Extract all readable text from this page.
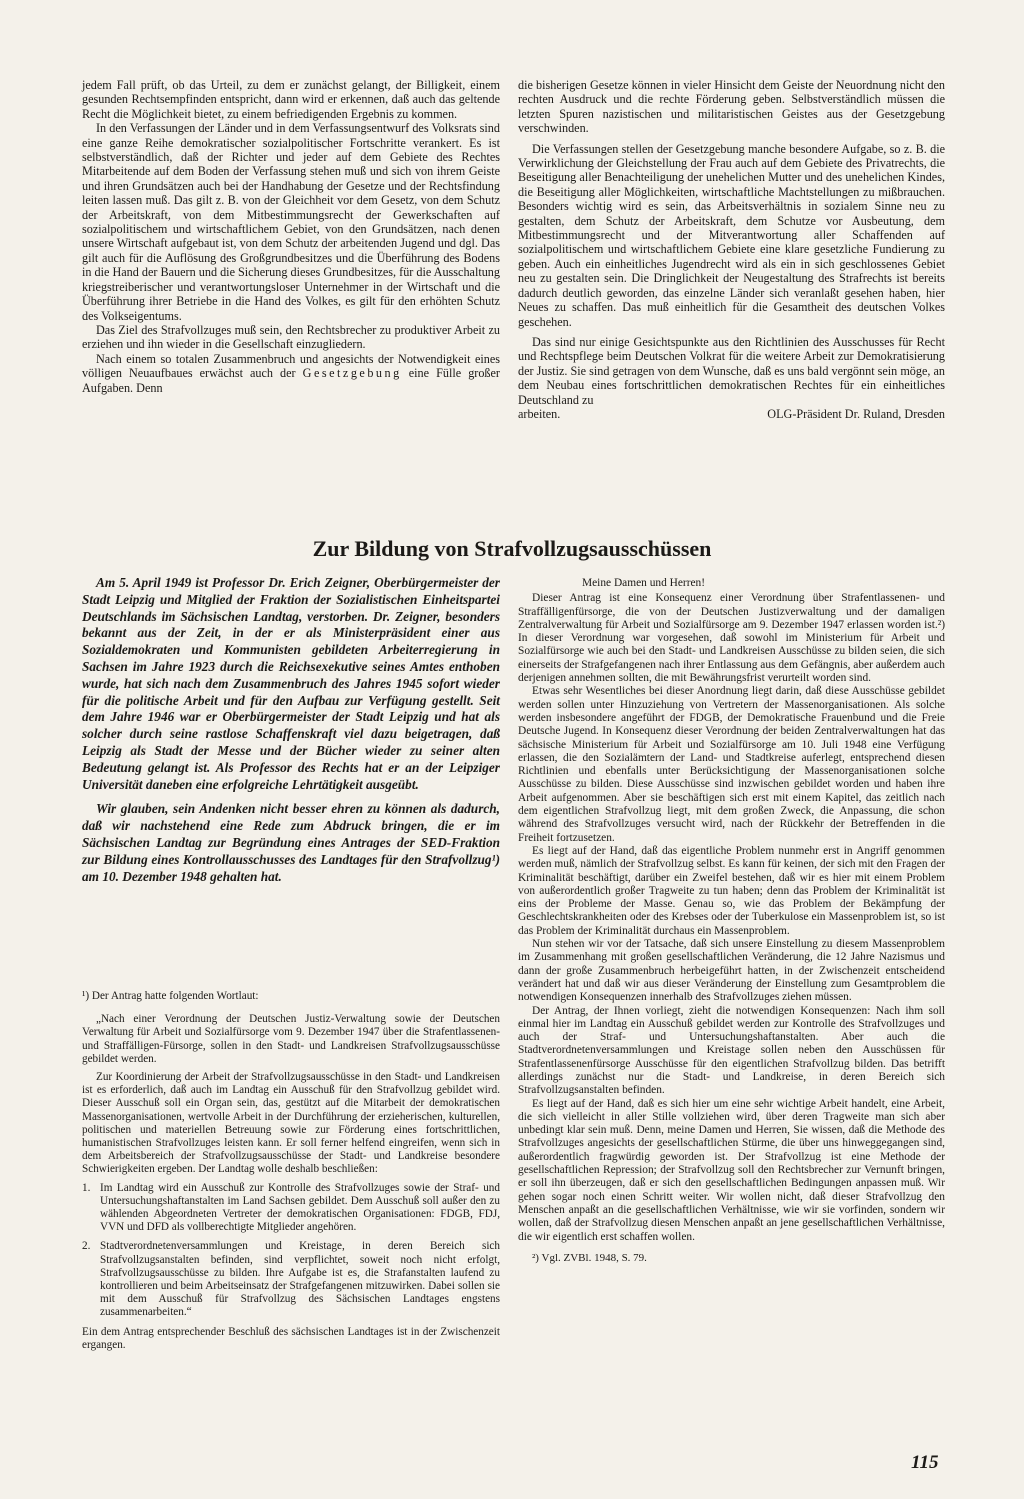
jedem Fall prüft, ob das Urteil, zu dem er zunächst gelangt, der Billigkeit, einem gesunden Rechtsempfinden entspricht, dann wird er erkennen, daß auch das geltende Recht die Möglichkeit bietet, zu einem befriedigenden Ergebnis zu kommen.

In den Verfassungen der Länder und in dem Verfassungsentwurf des Volksrats sind eine ganze Reihe demokratischer sozialpolitischer Fortschritte verankert. Es ist selbstverständlich, daß der Richter und jeder auf dem Gebiete des Rechtes Mitarbeitende auf dem Boden der Verfassung stehen muß und sich von ihrem Geiste und ihren Grundsätzen auch bei der Handhabung der Gesetze und der Rechtsfindung leiten lassen muß. Das gilt z. B. von der Gleichheit vor dem Gesetz, von dem Schutz der Arbeitskraft, von dem Mitbestimmungsrecht der Gewerkschaften auf sozialpolitischem und wirtschaftlichem Gebiet, von den Grundsätzen, nach denen unsere Wirtschaft aufgebaut ist, von dem Schutz der arbeitenden Jugend und dgl. Das gilt auch für die Auflösung des Großgrundbesitzes und die Überführung des Bodens in die Hand der Bauern und die Sicherung dieses Grundbesitzes, für die Ausschaltung kriegstreiberischer und verantwortungsloser Unternehmer in der Wirtschaft und die Überführung ihrer Betriebe in die Hand des Volkes, es gilt für den erhöhten Schutz des Volkseigentums.

Das Ziel des Strafvollzuges muß sein, den Rechtsbrecher zu produktiver Arbeit zu erziehen und ihn wieder in die Gesellschaft einzugliedern.

Nach einem so totalen Zusammenbruch und angesichts der Notwendigkeit eines völligen Neuaufbaues erwächst auch der Gesetzgebung eine Fülle großer Aufgaben. Denn

die bisherigen Gesetze können in vieler Hinsicht dem Geiste der Neuordnung nicht den rechten Ausdruck und die rechte Förderung geben. Selbstverständlich müssen die letzten Spuren nazistischen und militaristischen Geistes aus der Gesetzgebung verschwinden.

Die Verfassungen stellen der Gesetzgebung manche besondere Aufgabe, so z. B. die Verwirklichung der Gleichstellung der Frau auch auf dem Gebiete des Privatrechts, die Beseitigung aller Benachteiligung der unehelichen Mutter und des unehelichen Kindes, die Beseitigung aller Möglichkeiten, wirtschaftliche Machtstellungen zu mißbrauchen. Besonders wichtig wird es sein, das Arbeitsverhältnis in sozialem Sinne neu zu gestalten, dem Schutz der Arbeitskraft, dem Schutze vor Ausbeutung, dem Mitbestimmungsrecht und der Mitverantwortung aller Schaffenden auf sozialpolitischem und wirtschaftlichem Gebiete eine klare gesetzliche Fundierung zu geben. Auch ein einheitliches Jugendrecht wird als ein in sich geschlossenes Gebiet neu zu gestalten sein. Die Dringlichkeit der Neugestaltung des Strafrechts ist bereits dadurch deutlich geworden, das einzelne Länder sich veranlaßt gesehen haben, hier Neues zu schaffen. Das muß einheitlich für die Gesamtheit des deutschen Volkes geschehen.

Das sind nur einige Gesichtspunkte aus den Richtlinien des Ausschusses für Recht und Rechtspflege beim Deutschen Volkrat für die weitere Arbeit zur Demokratisierung der Justiz. Sie sind getragen von dem Wunsche, daß es uns bald vergönnt sein möge, an dem Neubau eines fortschrittlichen demokratischen Rechtes für ein einheitliches Deutschland zu

arbeiten.	OLG-Präsident Dr. Ruland, Dresden
Zur Bildung von Strafvollzugsausschüssen

Am 5. April 1949 ist Professor Dr. Erich Zeigner, Oberbürgermeister der Stadt Leipzig und Mitglied der Fraktion der Sozialistischen Einheitspartei Deutschlands im Sächsischen Landtag, verstorben. Dr. Zeigner, besonders bekannt aus der Zeit, in der er als Ministerpräsident einer aus Sozialdemokraten und Kommunisten gebildeten Arbeiterregierung in Sachsen im Jahre 1923 durch die Reichsexekutive seines Amtes enthoben wurde, hat sich nach dem Zusammenbruch des Jahres 1945 sofort wieder für die politische Arbeit und für den Aufbau zur Verfügung gestellt. Seit dem Jahre 1946 war er Oberbürgermeister der Stadt Leipzig und hat als solcher durch seine rastlose Schaffenskraft viel dazu beigetragen, daß Leipzig als Stadt der Messe und der Bücher wieder zu seiner alten Bedeutung gelangt ist. Als Professor des Rechts hat er an der Leipziger Universität daneben eine erfolgreiche Lehrtätigkeit ausgeübt.

Wir glauben, sein Andenken nicht besser ehren zu können als dadurch, daß wir nachstehend eine Rede zum Abdruck bringen, die er im Sächsischen Landtag zur Begründung eines Antrages der SED-Fraktion zur Bildung eines Kontrollausschusses des Landtages für den Strafvollzug¹) am 10. Dezember 1948 gehalten hat.

¹) Der Antrag hatte folgenden Wortlaut:

„Nach einer Verordnung der Deutschen Justiz-Verwaltung sowie der Deutschen Verwaltung für Arbeit und Sozialfürsorge vom 9. Dezember 1947 über die Strafentlassenen- und Straffälligen-Fürsorge, sollen in den Stadt- und Landkreisen Strafvollzugsausschüsse gebildet werden.

Zur Koordinierung der Arbeit der Strafvollzugsausschüsse in den Stadt- und Landkreisen ist es erforderlich, daß auch im Landtag ein Ausschuß für den Strafvollzug gebildet wird. Dieser Ausschuß soll ein Organ sein, das, gestützt auf die Mitarbeit der demokratischen Massenorganisationen, wertvolle Arbeit in der Durchführung der erzieherischen, kulturellen, politischen und materiellen Betreuung sowie zur Förderung eines fortschrittlichen, humanistischen Strafvollzuges leisten kann. Er soll ferner helfend eingreifen, wenn sich in dem Arbeitsbereich der Strafvollzugsausschüsse der Stadt- und Landkreise besondere Schwierigkeiten ergeben. Der Landtag wolle deshalb beschließen:

1. Im Landtag wird ein Ausschuß zur Kontrolle des Strafvollzuges sowie der Straf- und Untersuchungshaftanstalten im Land Sachsen gebildet. Dem Ausschuß soll außer den zu wählenden Abgeordneten Vertreter der demokratischen Organisationen: FDGB, FDJ, VVN und DFD als vollberechtigte Mitglieder angehören.
2. Stadtverordnetenversammlungen und Kreistage, in deren Bereich sich Strafvollzugsanstalten befinden, sind verpflichtet, soweit noch nicht erfolgt, Strafvollzugsausschüsse zu bilden. Ihre Aufgabe ist es, die Strafanstalten laufend zu kontrollieren und beim Arbeitseinsatz der Strafgefangenen mitzuwirken. Dabei sollen sie mit dem Ausschuß für Strafvollzug des Sächsischen Landtages engstens zusammenarbeiten.“

Ein dem Antrag entsprechender Beschluß des sächsischen Landtages ist in der Zwischenzeit ergangen.

Meine Damen und Herren!

Dieser Antrag ist eine Konsequenz einer Verordnung über Strafentlassenen- und Straffälligenfürsorge, die von der Deutschen Justizverwaltung und der damaligen Zentralverwaltung für Arbeit und Sozialfürsorge am 9. Dezember 1947 erlassen worden ist.²) In dieser Verordnung war vorgesehen, daß sowohl im Ministerium für Arbeit und Sozialfürsorge wie auch bei den Stadt- und Landkreisen Ausschüsse zu bilden seien, die sich einerseits der Strafgefangenen nach ihrer Entlassung aus dem Gefängnis, aber außerdem auch derjenigen annehmen sollten, die mit Bewährungsfrist verurteilt worden sind.

Etwas sehr Wesentliches bei dieser Anordnung liegt darin, daß diese Ausschüsse gebildet werden sollen unter Hinzuziehung von Vertretern der Massenorganisationen. Als solche werden insbesondere angeführt der FDGB, der Demokratische Frauenbund und die Freie Deutsche Jugend. In Konsequenz dieser Verordnung der beiden Zentralverwaltungen hat das sächsische Ministerium für Arbeit und Sozialfürsorge am 10. Juli 1948 eine Verfügung erlassen, die den Sozialämtern der Land- und Stadtkreise auferlegt, entsprechend diesen Richtlinien und ebenfalls unter Berücksichtigung der Massenorganisationen solche Ausschüsse zu bilden. Diese Ausschüsse sind inzwischen gebildet worden und haben ihre Arbeit aufgenommen. Aber sie beschäftigen sich erst mit einem Kapitel, das zeitlich nach dem eigentlichen Strafvollzug liegt, mit dem großen Zweck, die Anpassung, die schon während des Strafvollzuges versucht wird, nach der Rückkehr der Betreffenden in die Freiheit fortzusetzen.

Es liegt auf der Hand, daß das eigentliche Problem nunmehr erst in Angriff genommen werden muß, nämlich der Strafvollzug selbst. Es kann für keinen, der sich mit den Fragen der Kriminalität beschäftigt, darüber ein Zweifel bestehen, daß wir es hier mit einem Problem von außerordentlich großer Tragweite zu tun haben; denn das Problem der Kriminalität ist eins der Probleme der Masse. Genau so, wie das Problem der Bekämpfung der Geschlechtskrankheiten oder des Krebses oder der Tuberkulose ein Massenproblem ist, so ist das Problem der Kriminalität durchaus ein Massenproblem.

Nun stehen wir vor der Tatsache, daß sich unsere Einstellung zu diesem Massenproblem im Zusammenhang mit großen gesellschaftlichen Veränderung, die 12 Jahre Nazismus und dann der große Zusammenbruch herbeigeführt hatten, in der Zwischenzeit entscheidend verändert hat und daß wir aus dieser Veränderung der Einstellung zum Gesamtproblem die notwendigen Konsequenzen innerhalb des Strafvollzuges ziehen müssen.

Der Antrag, der Ihnen vorliegt, zieht die notwendigen Konsequenzen: Nach ihm soll einmal hier im Landtag ein Ausschuß gebildet werden zur Kontrolle des Strafvollzuges und auch der Straf- und Untersuchungshaftanstalten. Aber auch die Stadtverordnetenversammlungen und Kreistage sollen neben den Ausschüssen für Strafentlassenenfürsorge Ausschüsse für den eigentlichen Strafvollzug bilden. Das betrifft allerdings zunächst nur die Stadt- und Landkreise, in deren Bereich sich Strafvollzugsanstalten befinden.

Es liegt auf der Hand, daß es sich hier um eine sehr wichtige Arbeit handelt, eine Arbeit, die sich vielleicht in aller Stille vollziehen wird, über deren Tragweite man sich aber unbedingt klar sein muß. Denn, meine Damen und Herren, Sie wissen, daß die Methode des Strafvollzuges angesichts der gesellschaftlichen Stürme, die über uns hinweggegangen sind, außerordentlich fragwürdig geworden ist. Der Strafvollzug ist eine Methode der gesellschaftlichen Repression; der Strafvollzug soll den Rechtsbrecher zur Vernunft bringen, er soll ihn überzeugen, daß er sich den gesellschaftlichen Bedingungen anpassen muß. Wir gehen sogar noch einen Schritt weiter. Wir wollen nicht, daß dieser Strafvollzug den Menschen anpaßt an die gesellschaftlichen Verhältnisse, wie wir sie vorfinden, sondern wir wollen, daß der Strafvollzug diesen Menschen anpaßt an jene gesellschaftlichen Verhältnisse, die wir eigentlich erst schaffen wollen.

²) Vgl. ZVBl. 1948, S. 79.

115
